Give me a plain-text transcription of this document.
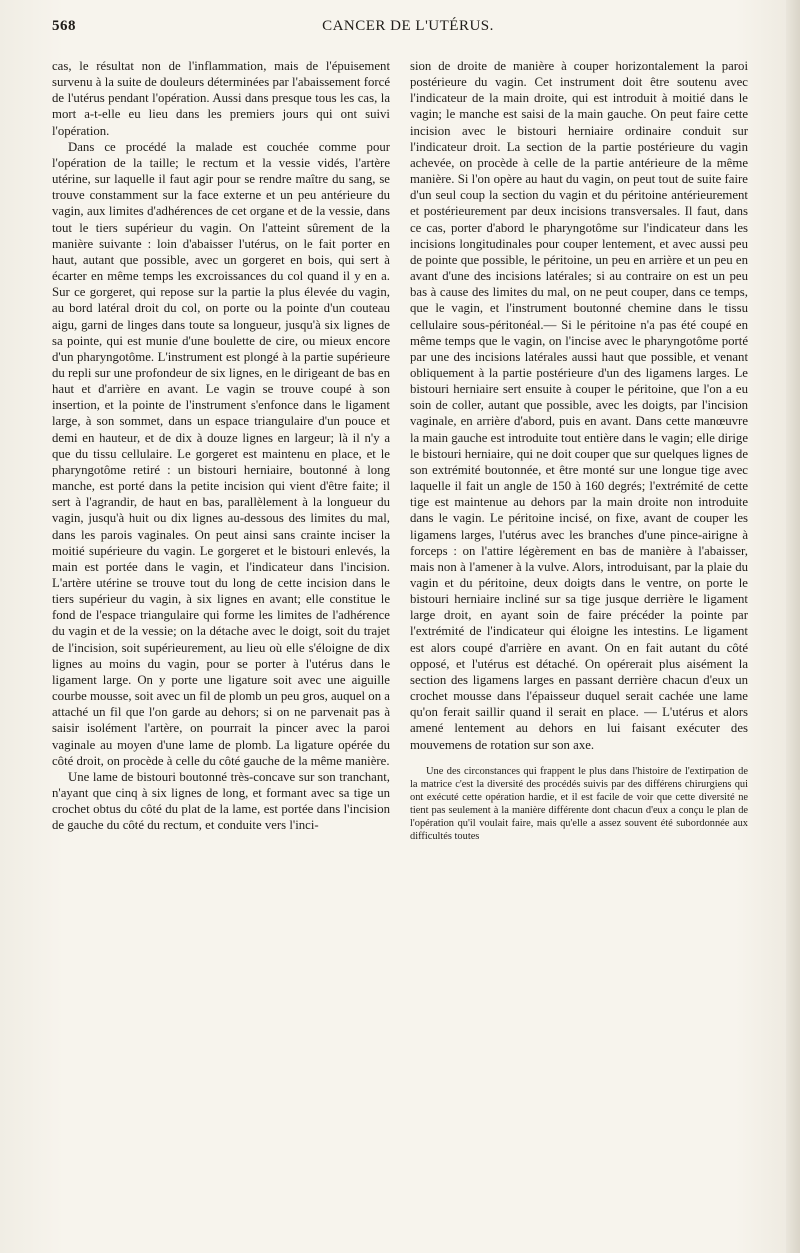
568	CANCER DE L'UTÉRUS.

cas, le résultat non de l'inflammation, mais de l'épuisement survenu à la suite de douleurs déterminées par l'abaissement forcé de l'utérus pendant l'opération. Aussi dans presque tous les cas, la mort a-t-elle eu lieu dans les premiers jours qui ont suivi l'opération.

Dans ce procédé la malade est couchée comme pour l'opération de la taille; le rectum et la vessie vidés, l'artère utérine, sur laquelle il faut agir pour se rendre maître du sang, se trouve constamment sur la face externe et un peu antérieure du vagin, aux limites d'adhérences de cet organe et de la vessie, dans tout le tiers supérieur du vagin. On l'atteint sûrement de la manière suivante : loin d'abaisser l'utérus, on le fait porter en haut, autant que possible, avec un gorgeret en bois, qui sert à écarter en même temps les excroissances du col quand il y en a. Sur ce gorgeret, qui repose sur la partie la plus élevée du vagin, au bord latéral droit du col, on porte ou la pointe d'un couteau aigu, garni de linges dans toute sa longueur, jusqu'à six lignes de sa pointe, qui est munie d'une boulette de cire, ou mieux encore d'un pharyngotôme. L'instrument est plongé à la partie supérieure du repli sur une profondeur de six lignes, en le dirigeant de bas en haut et d'arrière en avant. Le vagin se trouve coupé à son insertion, et la pointe de l'instrument s'enfonce dans le ligament large, à son sommet, dans un espace triangulaire d'un pouce et demi en hauteur, et de dix à douze lignes en largeur; là il n'y a que du tissu cellulaire. Le gorgeret est maintenu en place, et le pharyngotôme retiré : un bistouri herniaire, boutonné à long manche, est porté dans la petite incision qui vient d'être faite; il sert à l'agrandir, de haut en bas, parallèlement à la longueur du vagin, jusqu'à huit ou dix lignes au-dessous des limites du mal, dans les parois vaginales. On peut ainsi sans crainte inciser la moitié supérieure du vagin. Le gorgeret et le bistouri enlevés, la main est portée dans le vagin, et l'indicateur dans l'incision. L'artère utérine se trouve tout du long de cette incision dans le tiers supérieur du vagin, à six lignes en avant; elle constitue le fond de l'espace triangulaire qui forme les limites de l'adhérence du vagin et de la vessie; on la détache avec le doigt, soit du trajet de l'incision, soit supérieurement, au lieu où elle s'éloigne de dix lignes au moins du vagin, pour se porter à l'utérus dans le ligament large. On y porte une ligature soit avec une aiguille courbe mousse, soit avec un fil de plomb un peu gros, auquel on a attaché un fil que l'on garde au dehors; si on ne parvenait pas à saisir isolément l'artère, on pourrait la pincer avec la paroi vaginale au moyen d'une lame de plomb. La ligature opérée du côté droit, on procède à celle du côté gauche de la même manière.

Une lame de bistouri boutonné très-concave sur son tranchant, n'ayant que cinq à six lignes de long, et formant avec sa tige un crochet obtus du côté du plat de la lame, est portée dans l'incision de gauche du côté du rectum, et conduite vers l'inci-

sion de droite de manière à couper horizontalement la paroi postérieure du vagin. Cet instrument doit être soutenu avec l'indicateur de la main droite, qui est introduit à moitié dans le vagin; le manche est saisi de la main gauche. On peut faire cette incision avec le bistouri herniaire ordinaire conduit sur l'indicateur droit. La section de la partie postérieure du vagin achevée, on procède à celle de la partie antérieure de la même manière. Si l'on opère au haut du vagin, on peut tout de suite faire d'un seul coup la section du vagin et du péritoine antérieurement et postérieurement par deux incisions transversales. Il faut, dans ce cas, porter d'abord le pharyngotôme sur l'indicateur dans les incisions longitudinales pour couper lentement, et avec aussi peu de pointe que possible, le péritoine, un peu en arrière et un peu en avant d'une des incisions latérales; si au contraire on est un peu bas à cause des limites du mal, on ne peut couper, dans ce temps, que le vagin, et l'instrument boutonné chemine dans le tissu cellulaire sous-péritonéal.— Si le péritoine n'a pas été coupé en même temps que le vagin, on l'incise avec le pharyngotôme porté par une des incisions latérales aussi haut que possible, et venant obliquement à la partie postérieure d'un des ligamens larges. Le bistouri herniaire sert ensuite à couper le péritoine, que l'on a eu soin de coller, autant que possible, avec les doigts, par l'incision vaginale, en arrière d'abord, puis en avant. Dans cette manœuvre la main gauche est introduite tout entière dans le vagin; elle dirige le bistouri herniaire, qui ne doit couper que sur quelques lignes de son extrémité boutonnée, et être monté sur une longue tige avec laquelle il fait un angle de 150 à 160 degrés; l'extrémité de cette tige est maintenue au dehors par la main droite non introduite dans le vagin. Le péritoine incisé, on fixe, avant de couper les ligamens larges, l'utérus avec les branches d'une pince-airigne à forceps : on l'attire légèrement en bas de manière à l'abaisser, mais non à l'amener à la vulve. Alors, introduisant, par la plaie du vagin et du péritoine, deux doigts dans le ventre, on porte le bistouri herniaire incliné sur sa tige jusque derrière le ligament large droit, en ayant soin de faire précéder la pointe par l'extrémité de l'indicateur qui éloigne les intestins. Le ligament est alors coupé d'arrière en avant. On en fait autant du côté opposé, et l'utérus est détaché. On opérerait plus aisément la section des ligamens larges en passant derrière chacun d'eux un crochet mousse dans l'épaisseur duquel serait cachée une lame qu'on ferait saillir quand il serait en place. — L'utérus et alors amené lentement au dehors en lui faisant exécuter des mouvemens de rotation sur son axe.

Une des circonstances qui frappent le plus dans l'histoire de l'extirpation de la matrice c'est la diversité des procédés suivis par des différens chirurgiens qui ont exécuté cette opération hardie, et il est facile de voir que cette diversité ne tient pas seulement à la manière différente dont chacun d'eux a conçu le plan de l'opération qu'il voulait faire, mais qu'elle a assez souvent été subordonnée aux difficultés toutes
